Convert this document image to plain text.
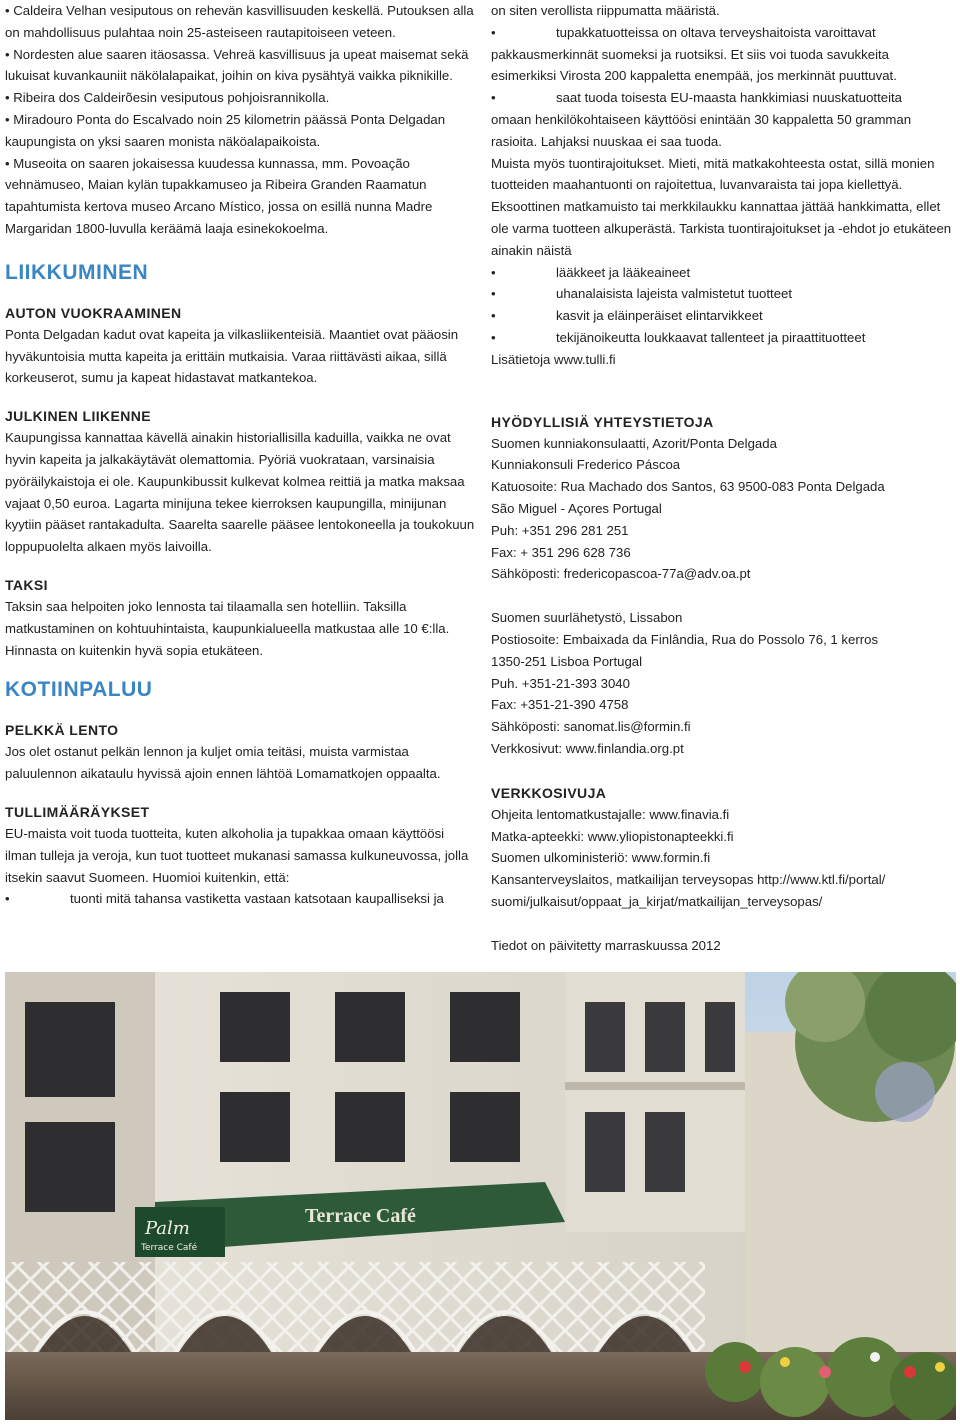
• Caldeira Velhan vesiputous on rehevän kasvillisuuden keskellä. Putouksen alla on mahdollisuus pulahtaa noin 25-asteiseen rautapitoiseen veteen.

• Nordesten alue saaren itäosassa. Vehreä kasvillisuus ja upeat maisemat sekä lukuisat kuvankauniit näkölalapaikat, joihin on kiva pysähtyä vaikka piknikille.

• Ribeira dos Caldeirõesin vesiputous pohjoisrannikolla.

• Miradouro Ponta do Escalvado noin 25 kilometrin päässä Ponta Delgadan kaupungista on yksi saaren monista näköalapaikoista.

• Museoita on saaren jokaisessa kuudessa kunnassa, mm. Povoação vehnämuseo, Maian kylän tupakkamuseo ja Ribeira Granden Raamatun tapahtumista kertova museo Arcano Místico, jossa on esillä nunna Madre Margaridan 1800-luvulla keräämä laaja esinekokoelma.

LIIKKUMINEN
AUTON VUOKRAAMINEN

Ponta Delgadan kadut ovat kapeita ja vilkasliikenteisiä. Maantiet ovat pääosin hyväkuntoisia mutta kapeita ja erittäin mutkaisia. Varaa riittävästi aikaa, sillä korkeuserot, sumu ja kapeat hidastavat matkantekoa.

JULKINEN LIIKENNE

Kaupungissa kannattaa kävellä ainakin historiallisilla kaduilla, vaikka ne ovat hyvin kapeita ja jalkakäytävät olemattomia. Pyöriä vuokrataan, varsinaisia pyöräilykaistoja ei ole. Kaupunkibussit kulkevat kolmea reittiä ja matka maksaa vajaat 0,50 euroa. Lagarta minijuna tekee kierroksen kaupungilla, minijunan kyytiin pääset rantakadulta. Saarelta saarelle pääsee lentokoneella ja toukokuun loppupuolelta alkaen myös laivoilla.

TAKSI

Taksin saa helpoiten joko lennosta tai tilaamalla sen hotelliin. Taksilla matkustaminen on kohtuuhintaista, kaupunkialueella matkustaa alle 10 €:lla. Hinnasta on kuitenkin hyvä sopia etukäteen.

KOTIINPALUU
PELKKÄ LENTO

Jos olet ostanut pelkän lennon ja kuljet omia teitäsi, muista varmistaa paluulennon aikataulu hyvissä ajoin ennen lähtöä Lomamatkojen oppaalta.

TULLIMÄÄRÄYKSET

EU-maista voit tuoda tuotteita, kuten alkoholia ja tupakkaa omaan käyttöösi ilman tulleja ja veroja, kun tuot tuotteet mukanasi samassa kulkuneuvossa, jolla itsekin saavut Suomeen. Huomioi kuitenkin, että:

•	tuonti mitä tahansa vastiketta vastaan katsotaan kaupalliseksi ja

on siten verollista riippumatta määristä.

•	tupakkatuotteissa on oltava terveyshaitoista varoittavat

pakkausmerkinnät suomeksi ja ruotsiksi. Et siis voi tuoda savukkeita esimerkiksi Virosta 200 kappaletta enempää, jos merkinnät puuttuvat.

•	saat tuoda toisesta EU-maasta hankkimiasi nuuskatuotteita

omaan henkilökohtaiseen käyttöösi enintään 30 kappaletta 50 gramman rasioita. Lahjaksi nuuskaa ei saa tuoda.

Muista myös tuontirajoitukset. Mieti, mitä matkakohteesta ostat, sillä monien tuotteiden maahantuonti on rajoitettua, luvanvaraista tai jopa kiellettyä. Eksoottinen matkamuisto tai merkkilaukku kannattaa jättää hankkimatta, ellet ole varma tuotteen alkuperästä. Tarkista tuontirajoitukset ja -ehdot jo etukäteen ainakin näistä

•	lääkkeet ja lääkeaineet
•	uhanalaisista lajeista valmistetut tuotteet
•	kasvit ja eläinperäiset elintarvikkeet
•	tekijänoikeutta loukkaavat tallenteet ja piraattituotteet

Lisätietoja www.tulli.fi

HYÖDYLLISIÄ YHTEYSTIETOJA

Suomen kunniakonsulaatti, Azorit/Ponta Delgada

Kunniakonsuli Frederico Páscoa

Katuosoite: Rua Machado dos Santos, 63 9500-083 Ponta Delgada

São Miguel - Açores Portugal

Puh: +351 296 281 251

Fax: + 351 296 628 736

Sähköposti: fredericopascoa-77a@adv.oa.pt

Suomen suurlähetystö, Lissabon

Postiosoite: Embaixada da Finlândia, Rua do Possolo 76, 1 kerros

1350-251 Lisboa Portugal

Puh. +351-21-393 3040

Fax: +351-21-390 4758

Sähköposti: sanomat.lis@formin.fi

Verkkosivut: www.finlandia.org.pt

VERKKOSIVUJA

Ohjeita lentomatkustajalle: www.finavia.fi

Matka-apteekki: www.yliopistonapteekki.fi

Suomen ulkoministeriö: www.formin.fi

Kansanterveyslaitos, matkailijan terveysopas http://www.ktl.fi/portal/ suomi/julkaisut/oppaat_ja_kirjat/matkailijan_terveysopas/

Tiedot on päivitetty marraskuussa 2012

Terrace Café
Palm
Terrace Café
